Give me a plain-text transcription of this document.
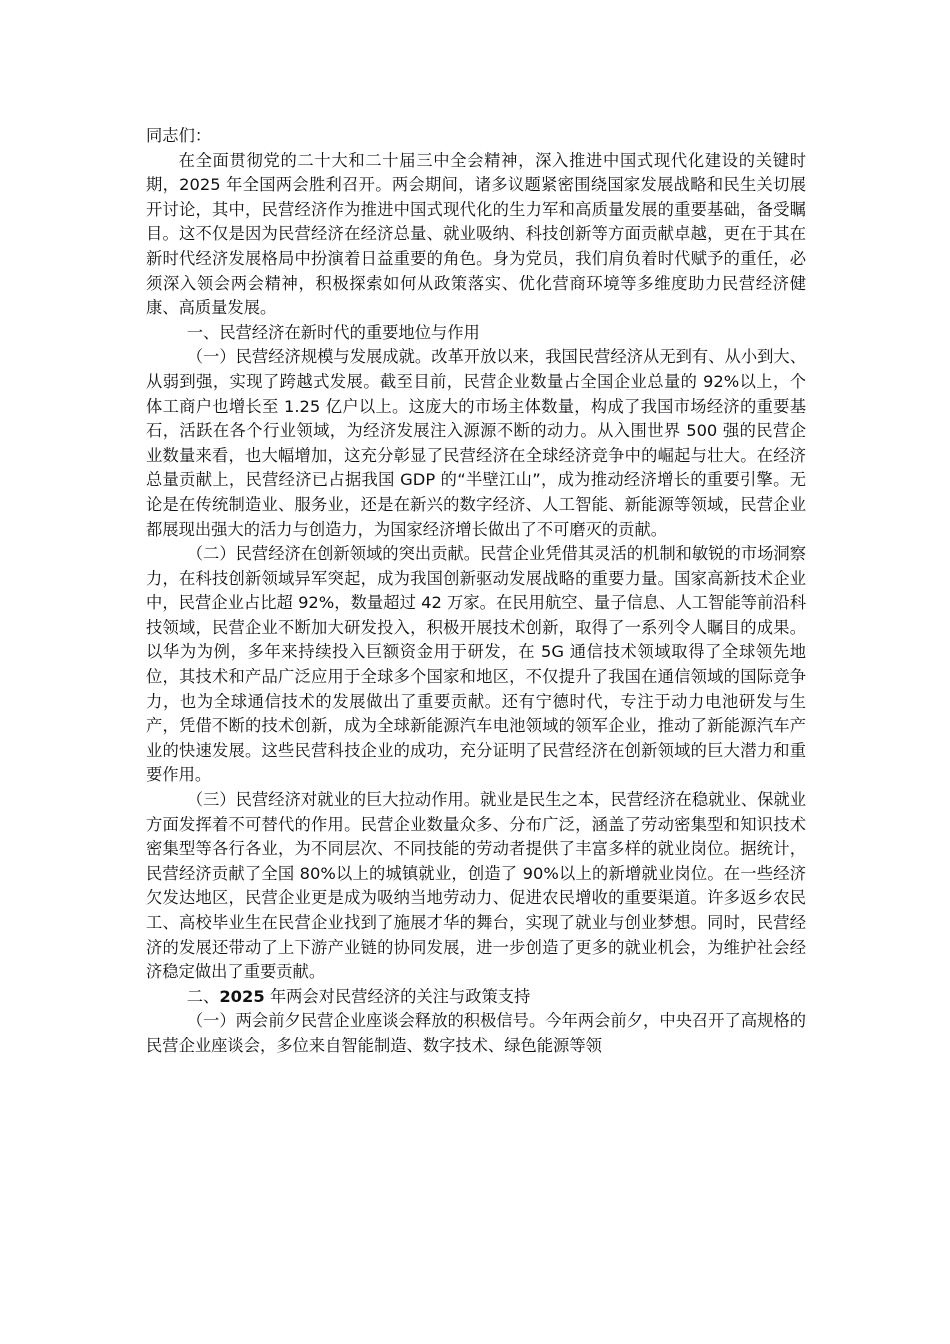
同志们：

在全面贯彻党的二十大和二十届三中全会精神，深入推进中国式现代化建设的关键时期，2025 年全国两会胜利召开。两会期间，诸多议题紧密围绕国家发展战略和民生关切展开讨论，其中，民营经济作为推进中国式现代化的生力军和高质量发展的重要基础，备受瞩目。这不仅是因为民营经济在经济总量、就业吸纳、科技创新等方面贡献卓越，更在于其在新时代经济发展格局中扮演着日益重要的角色。身为党员，我们肩负着时代赋予的重任，必须深入领会两会精神，积极探索如何从政策落实、优化营商环境等多维度助力民营经济健康、高质量发展。

一、民营经济在新时代的重要地位与作用

（一）民营经济规模与发展成就。改革开放以来，我国民营经济从无到有、从小到大、从弱到强，实现了跨越式发展。截至目前，民营企业数量占全国企业总量的 92%以上，个体工商户也增长至 1.25 亿户以上。这庞大的市场主体数量，构成了我国市场经济的重要基石，活跃在各个行业领域，为经济发展注入源源不断的动力。从入围世界 500 强的民营企业数量来看，也大幅增加，这充分彰显了民营经济在全球经济竞争中的崛起与壮大。在经济总量贡献上，民营经济已占据我国 GDP 的“半壁江山”，成为推动经济增长的重要引擎。无论是在传统制造业、服务业，还是在新兴的数字经济、人工智能、新能源等领域，民营企业都展现出强大的活力与创造力，为国家经济增长做出了不可磨灭的贡献。

（二）民营经济在创新领域的突出贡献。民营企业凭借其灵活的机制和敏锐的市场洞察力，在科技创新领域异军突起，成为我国创新驱动发展战略的重要力量。国家高新技术企业中，民营企业占比超 92%，数量超过 42 万家。在民用航空、量子信息、人工智能等前沿科技领域，民营企业不断加大研发投入，积极开展技术创新，取得了一系列令人瞩目的成果。以华为为例，多年来持续投入巨额资金用于研发，在 5G 通信技术领域取得了全球领先地位，其技术和产品广泛应用于全球多个国家和地区，不仅提升了我国在通信领域的国际竞争力，也为全球通信技术的发展做出了重要贡献。还有宁德时代，专注于动力电池研发与生产，凭借不断的技术创新，成为全球新能源汽车电池领域的领军企业，推动了新能源汽车产业的快速发展。这些民营科技企业的成功，充分证明了民营经济在创新领域的巨大潜力和重要作用。

（三）民营经济对就业的巨大拉动作用。就业是民生之本，民营经济在稳就业、保就业方面发挥着不可替代的作用。民营企业数量众多、分布广泛，涵盖了劳动密集型和知识技术密集型等各行各业，为不同层次、不同技能的劳动者提供了丰富多样的就业岗位。据统计，民营经济贡献了全国 80%以上的城镇就业，创造了 90%以上的新增就业岗位。在一些经济欠发达地区，民营企业更是成为吸纳当地劳动力、促进农民增收的重要渠道。许多返乡农民工、高校毕业生在民营企业找到了施展才华的舞台，实现了就业与创业梦想。同时，民营经济的发展还带动了上下游产业链的协同发展，进一步创造了更多的就业机会，为维护社会经济稳定做出了重要贡献。

二、2025 年两会对民营经济的关注与政策支持

（一）两会前夕民营企业座谈会释放的积极信号。今年两会前夕，中央召开了高规格的民营企业座谈会，多位来自智能制造、数字技术、绿色能源等领
